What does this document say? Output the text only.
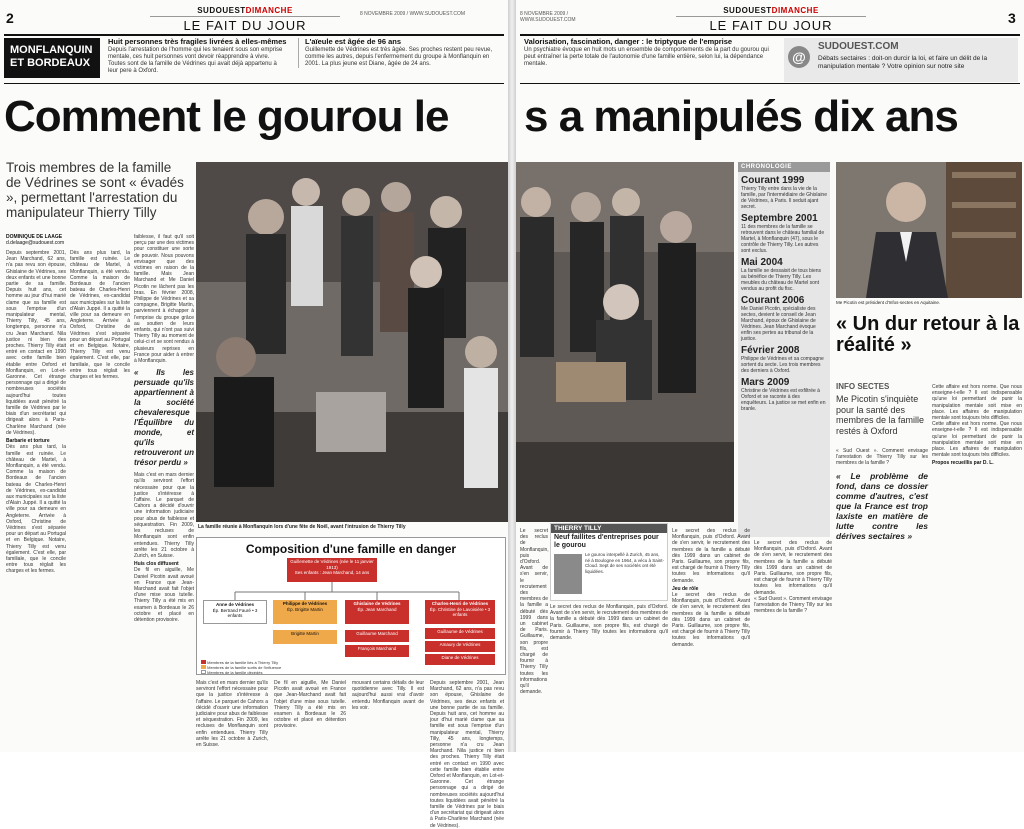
2	SUDOUESTDIMANCHE
LE FAIT DU JOUR
8 NOVEMBRE 2009 / WWW.SUDOUEST.COM
MONFLANQUIN ET BORDEAUX
Huit personnes très fragiles livrées à elles-mêmes

Depuis l'arrestation de l'homme qui les tenaient sous son emprise mentale, ces huit personnes vont devoir réapprendre à vivre. Toutes sont de la famille de Védrines qui avait déjà appartenu à leur pere à Oxford.

L'aïeule est âgée de 96 ans

Guillemette de Védrines est très âgée. Ses proches restent peu revue, comme les autres, depuis l'enfermement du groupe à Monflanquin en 2001. La plus jeune est Diane, âgée de 24 ans.

Comment le gourou le
Trois membres de la famille de Védrines se sont « évadés », permettant l'arrestation du manipulateur Thierry Tilly
DOMINIQUE DE LAAGE
d.delaage@sudouest.com

Depuis septembre 2001, Jean Marchand, 62 ans, n'a pas revu son épouse, Ghislaine de Védrines, ses deux enfants et une bonne partie de sa famille. Depuis huit ans, cet homme au jour d'hui marié clame que sa famille est sous l'emprise d'un manipulateur mental, Thierry Tilly, 45 ans, longtemps, personne n'a cru Jean Marchand. Nila justice ni bien des proches. Thierry Tilly était entré en contact en 1990 avec cette famille bien établie entre Oxford et Monflanquin, en Lot-et-Garonne. Cet étrange personnage qui a dirigé de nombreuses sociétés aujourd'hui toutes liquidées avait pénétré la famille de Védrines par le biais d'un secrétariat qui dirigeait alors à Paris-Charlène Marchand (née de Védrines).

Barbarie et torture

Dès ans plus tard, la famille est ruinée. Le château de Martel, à Monflanquin, a été vendu. Comme la maison de Bordeaux de l'ancien bateau de Charles-Henri de Védrines, ex-candidat aux municipales sur la liste d'Alain Juppé. Il a quitté la ville pour sa demeure en Angleterre. Arrivée à Oxford, Christine de Védrines s'est séparée pour un départ au Portugal et en Belgique. Notaire, Thierry Tilly est venu également. C'est elle, par familiale, que le concile entre tous réglait les charges et les fermes.

Dès ans plus tard, la famille est ruinée. Le château de Martel, à Monflanquin, a été vendu. Comme la maison de Bordeaux de l'ancien bateau de Charles-Henri de Védrines, ex-candidat aux municipales sur la liste d'Alain Juppé. Il a quitté la ville pour sa demeure en Angleterre. Arrivée à Oxford, Christine de Védrines s'est séparée pour un départ au Portugal et en Belgique. Notaire, Thierry Tilly est venu également. C'est elle, par familiale, que le concile entre tous réglait les charges et les fermes.

faiblesse, il faut qu'il soit perçu par une des victimes pour constituer une sorte de pouvoir. Nous pouvons envisager que des victimes en raison de la famille. Mais Jean Marchand et Me Daniel Picotin ne lâchent pas les bras. En février 2008, Philippe de Védrines et sa compagne, Brigitte Martin, parviennent à échapper à l'emprise du groupe grâce au soutien de leurs enfants, qui n'ont pas suivi Thierry Tilly au moment de celui-ci et se sont rendus à plusieurs reprises en France pour aider à entrer à Monflanquin.

« Ils les persuade qu'ils appartiennent à la société chevaleresque l'Équilibre du monde, et qu'ils retrouveront un trésor perdu »

Mais c'est en mars dernier qu'ils serviront l'effort nécessaire pour que la justice s'intéresse à l'affaire. Le parquet de Cahors a décidé d'ouvrir une information judiciaire pour abus de faiblesse et séquestration. Fin 2009, les recluses de Monflanquin sont enfin entendues. Thierry Tilly arrête les 21 octobre à Zurich, en Suisse.

Huis clos diffusent

De fil en aiguille, Me Daniel Picotin avait avoué en France que Jean-Marchand avait fait l'objet d'une mise sous tutelle. Thierry Tilly a été mis en examen à Bordeaux le 26 octobre et placé en détention provisoire.

La famille réunie à Monflanquin lors d'une fête de Noël, avant l'intrusion de Thierry Tilly
Composition d'une famille en danger
Guillemette de Védrines (née le 11 janvier 1913)
Ses enfants : Jean Marchand, 14 ans
Anne de Védrines
Ép. Bertrand Fauré • 3 enfants
Philippe de Védrines
Ép. Brigitte Martin
Ghislaine de Védrines
Ép. Jean Marchand
Charles-Henri de Védrines
Ép. Christine de Lavoisière • 3 enfants
Brigitte Martin	Guillaume Marchand
François Marchand
Guillaume de Védrines
Amaury de Védrines
Diane de Védrines
Membres de la famille liés à Thierry Tilly
Membres de la famille sortis de l'influence
Membres de la famille décédés

Mais c'est en mars dernier qu'ils serviront l'effort nécessaire pour que la justice s'intéresse à l'affaire. Le parquet de Cahors a décidé d'ouvrir une information judiciaire pour abus de faiblesse et séquestration. Fin 2009, les recluses de Monflanquin sont enfin entendues. Thierry Tilly arrête les 21 octobre à Zurich, en Suisse.

De fil en aiguille, Me Daniel Picotin avait avoué en France que Jean-Marchand avait fait l'objet d'une mise sous tutelle. Thierry Tilly a été mis en examen à Bordeaux le 26 octobre et placé en détention provisoire.

mouvant certains détails de leur quotidienne avec Tilly. Il est aujourd'hui aussi vrai d'avoir entendu Monflanquin avant de les voir.

Depuis septembre 2001, Jean Marchand, 62 ans, n'a pas revu son épouse, Ghislaine de Védrines, ses deux enfants et une bonne partie de sa famille. Depuis huit ans, cet homme au jour d'hui marié clame que sa famille est sous l'emprise d'un manipulateur mental, Thierry Tilly, 45 ans, longtemps, personne n'a cru Jean Marchand. Nila justice ni bien des proches. Thierry Tilly était entré en contact en 1990 avec cette famille bien établie entre Oxford et Monflanquin, en Lot-et-Garonne. Cet étrange personnage qui a dirigé de nombreuses sociétés aujourd'hui toutes liquidées avait pénétré la famille de Védrines par le biais d'un secrétariat qui dirigeait alors à Paris-Charlène Marchand (née de Védrines).

8 NOVEMBRE 2009 / WWW.SUDOUEST.COM
SUDOUESTDIMANCHE
LE FAIT DU JOUR	3
Valorisation, fascination, danger : le triptyque de l'emprise

Un psychiatre évoque en huit mots un ensemble de comportements de la part du gourou qui peut entraîner la perte totale de l'autonomie d'une famille entière, selon lui, la dépendance mentale.	@
SUDOUEST.COM
Débats sectaires : doit-on durcir la loi, et faire un délit de la manipulation mentale ? Votre opinion sur notre site
s a manipulés dix ans
CHRONOLOGIE
Courant 1999
Thierry Tilly entre dans la vie de la famille, par l'intermédiaire de Ghislaine de Védrines, à Paris. Il seduit ajant secret.
Septembre 2001
11 des membres de la famille se retrouvent dans le château familial de Martel, à Monflanquin (47), sous le contrôle de Thierry Tilly. Les autres sont exclus.
Mai 2004
La famille se dessaisit de tous biens au bénéfice de Thierry Tilly. Les meubles du château de Martel sont vendus au profit du fisc.
Courant 2006
Me Daniel Picotin, spécialiste des sectes, devient le conseil de Jean Marchand, époux de Ghislaine de Védrines. Jean Marchand évoque enfin ses pertes au tribunal de la justice.
Février 2008
Philippe de Védrines et sa compagne sortent du secte. Les trois membres des derniers à Oxford.
Mars 2009
Christine de Védrines est exfiltrée à Oxford et se raconte à des enquêteurs. La justice se met enfin en branle.
Me Picotin est président d'Infos-sectes en Aquitaine.
« Un dur retour à la réalité »
INFO SECTES
Me Picotin s'inquiète pour la santé des membres de la famille restés à Oxford

Cette affaire est hors norme. Que nous enseigne-t-elle ? Il est indispensable qu'une loi permettant de punir la manipulation mentale soit mise en place. Les affaires de manipulation mentale sont toujours très difficiles.

Cette affaire est hors norme. Que nous enseigne-t-elle ? Il est indispensable qu'une loi permettant de punir la manipulation mentale soit mise en place. Les affaires de manipulation mentale sont toujours très difficiles.

Propos recueillis par D. L.

« Sud Ouest ». Comment envisage l'arrestation de Thierry Tilly sur les membres de la famille ?

« Le problème de fond, dans ce dossier comme d'autres, c'est que la France est trop laxiste en matière de lutte contre les dérives sectaires »

THIERRY TILLY
Neuf faillites d'entreprises pour le gourou
Le gourou interpellé à Zurich, 45 ans, né à Boulogne en 1964, a vécu à Saint-Cloud. Sept de ses sociétés ont été liquidées.

Le secret des reclus de Monflanquin, puis d'Oxford. Avant de s'en servir, le recrutement des membres de la famille a débuté dès 1999 dans un cabinet de Paris. Guillaume, son propre fils, est chargé de fournir à Thierry Tilly toutes les informations qu'il demande.

Le secret des reclus de Monflanquin, puis d'Oxford. Avant de s'en servir, le recrutement des membres de la famille a débuté dès 1999 dans un cabinet de Paris. Guillaume, son propre fils, est chargé de fournir à Thierry Tilly toutes les informations qu'il demande.

Le secret des reclus de Monflanquin, puis d'Oxford. Avant de s'en servir, le recrutement des membres de la famille a débuté dès 1999 dans un cabinet de Paris. Guillaume, son propre fils, est chargé de fournir à Thierry Tilly toutes les informations qu'il demande.

Jeu de rôle

Le secret des reclus de Monflanquin, puis d'Oxford. Avant de s'en servir, le recrutement des membres de la famille a débuté dès 1999 dans un cabinet de Paris. Guillaume, son propre fils, est chargé de fournir à Thierry Tilly toutes les informations qu'il demande.

Le secret des reclus de Monflanquin, puis d'Oxford. Avant de s'en servir, le recrutement des membres de la famille a débuté dès 1999 dans un cabinet de Paris. Guillaume, son propre fils, est chargé de fournir à Thierry Tilly toutes les informations qu'il demande.

« Sud Ouest ». Comment envisage l'arrestation de Thierry Tilly sur les membres de la famille ?
